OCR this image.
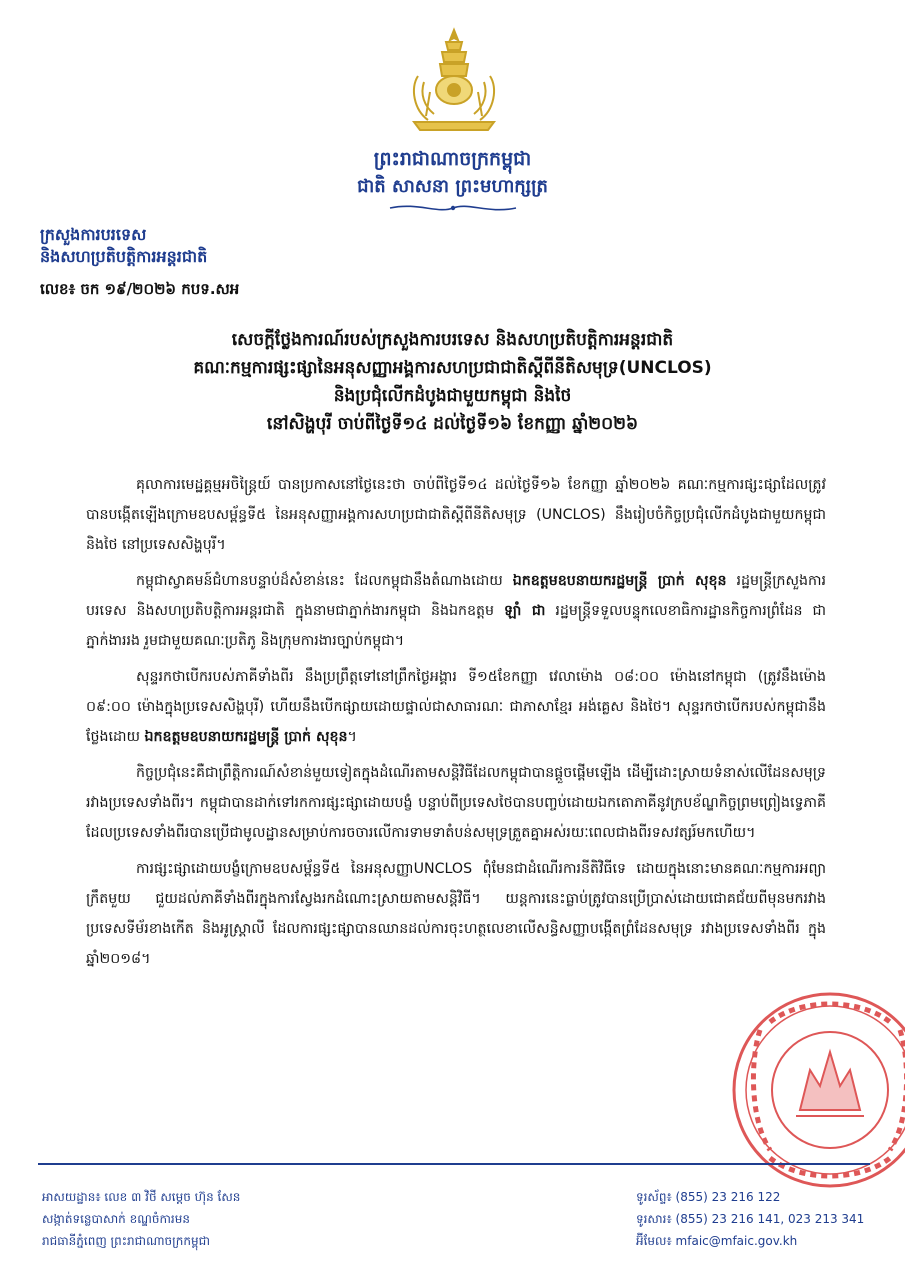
ព្រះរាជាណាចក្រកម្ពុជា
ជាតិ សាសនា ព្រះមហាក្សត្រ
ក្រសួងការបរទេស
និងសហប្រតិបត្តិការអន្តរជាតិ
លេខ៖ ចក ១៩/២០២៦ កបទ.សអ
សេចក្តីថ្លែងការណ៍របស់ក្រសួងការបរទេស និងសហប្រតិបត្តិការអន្តរជាតិ
គណៈកម្មការផ្សះផ្សានៃអនុសញ្ញាអង្គការសហប្រជាជាតិស្តីពីនីតិសមុទ្រ(UNCLOS)
និងប្រជុំលើកដំបូងជាមួយកម្ពុជា និងថៃ
នៅសិង្ហបុរី ចាប់ពីថ្ងៃទី១៤ ដល់ថ្ងៃទី១៦ ខែកញ្ញា ឆ្នាំ២០២៦

គុលាការមេដ្ឋគ្គម្មអចិន្ត្រៃយ៍ បានប្រកាសនៅថ្ងៃនេះថា ចាប់ពីថ្ងៃទី១៤ ដល់ថ្ងៃទី១៦ ខែកញ្ញា ឆ្នាំ២០២៦ គណៈកម្មការផ្សះផ្សាដែលត្រូវបានបង្កើតឡើងក្រោមឧបសម្ព័ន្ធទី៥ នៃអនុសញ្ញាអង្គការសហប្រជាជាតិស្តីពីនីតិសមុទ្រ (UNCLOS) នឹងរៀបចំកិច្ចប្រជុំលើកដំបូងជាមួយកម្ពុជា និងថៃ នៅប្រទេសសិង្ហបុរី។

កម្ពុជាស្វាគមន៍ជំហានបន្ទាប់ដ៏សំខាន់នេះ ដែលកម្ពុជានឹងតំណាងដោយ ឯកឧត្តមឧបនាយករដ្ឋមន្ត្រី ប្រាក់ សុខុន រដ្ឋមន្ត្រីក្រសួងការបរទេស និងសហប្រតិបត្តិការអន្តរជាតិ ក្នុងនាមជាភ្នាក់ងារកម្ពុជា និងឯកឧត្តម ឡាំ ជា រដ្ឋមន្ត្រីទទួលបន្ទុកលេខាធិការដ្ឋានកិច្ចការព្រំដែន ជាភ្នាក់ងាររង រួមជាមួយគណៈប្រតិភូ និងក្រុមការងារច្បាប់កម្ពុជា។

សុន្ទរកថាបើករបស់ភាគីទាំងពីរ នឹងប្រព្រឹត្តទៅនៅព្រឹកថ្ងៃអង្គារ ទី១៥ខែកញ្ញា វេលាម៉ោង ០៨:០០ ម៉ោងនៅកម្ពុជា (ត្រូវនឹងម៉ោង ០៩:០០ ម៉ោងក្នុងប្រទេសសិង្ហបុរី) ហើយនឹងបើកផ្សាយដោយផ្ទាល់ជាសាធារណៈ ជាភាសាខ្មែរ អង់គ្លេស និងថៃ។ សុន្ទរកថាបើករបស់កម្ពុជានឹងថ្លែងដោយ ឯកឧត្តមឧបនាយករដ្ឋមន្ត្រី ប្រាក់ សុខុន។

កិច្ចប្រជុំនេះគឺជាព្រឹត្តិការណ៍សំខាន់មួយទៀតក្នុងដំណើរតាមសន្តិវិធីដែលកម្ពុជាបានផ្តួចផ្តើមឡើង ដើម្បីដោះស្រាយទំនាស់លើដែនសមុទ្ររវាងប្រទេសទាំងពីរ។ កម្ពុជាបានដាក់ទៅរកការផ្សះផ្សាដោយបង្ខំ បន្ទាប់ពីប្រទេសថៃបានបញ្ចប់ដោយឯកតោភាគីនូវក្របខ័ណ្ឌកិច្ចព្រមព្រៀងទ្វេភាគី ដែលប្រទេសទាំងពីរបានប្រើជាមូលដ្ឋានសម្រាប់ការចចារលើការទាមទាតំបន់សមុទ្រត្រួតគ្នាអស់រយៈពេលជាងពីរទសវត្សរ៍មកហើយ។

ការផ្សះផ្សាដោយបង្ខំក្រោមឧបសម្ព័ន្ធទី៥ នៃអនុសញ្ញាUNCLOS ពុំមែនជាដំណើរការនីតិវិធីទេ ដោយក្នុងនោះមានគណៈកម្មការអព្យាក្រឹតមួយ ជួយដល់ភាគីទាំងពីរក្នុងការស្វែងរកដំណោះស្រាយតាមសន្តិវិធី។ យន្តការនេះធ្លាប់ត្រូវបានប្រើប្រាស់ដោយជោគជ័យពីមុនមករវាងប្រទេសទីម័រខាងកើត និងអូស្ត្រាលី ដែលការផ្សះផ្សាបានឈានដល់ការចុះហត្ថលេខាលើសន្ធិសញ្ញាបង្កើតព្រំដែនសមុទ្រ រវាងប្រទេសទាំងពីរ ក្នុងឆ្នាំ២០១៨។

អាសយដ្ឋាន៖ លេខ ៣ វិថី សម្តេច ហ៊ុន សែន
សង្កាត់ទន្លេបាសាក់ ខណ្ឌចំការមន
រាជធានីភ្នំពេញ ព្រះរាជាណាចក្រកម្ពុជា
ទូរស័ព្ទ៖ (855) 23 216 122
ទូរសារ៖ (855) 23 216 141, 023 213 341
អ៊ីមែល៖ mfaic@mfaic.gov.kh
